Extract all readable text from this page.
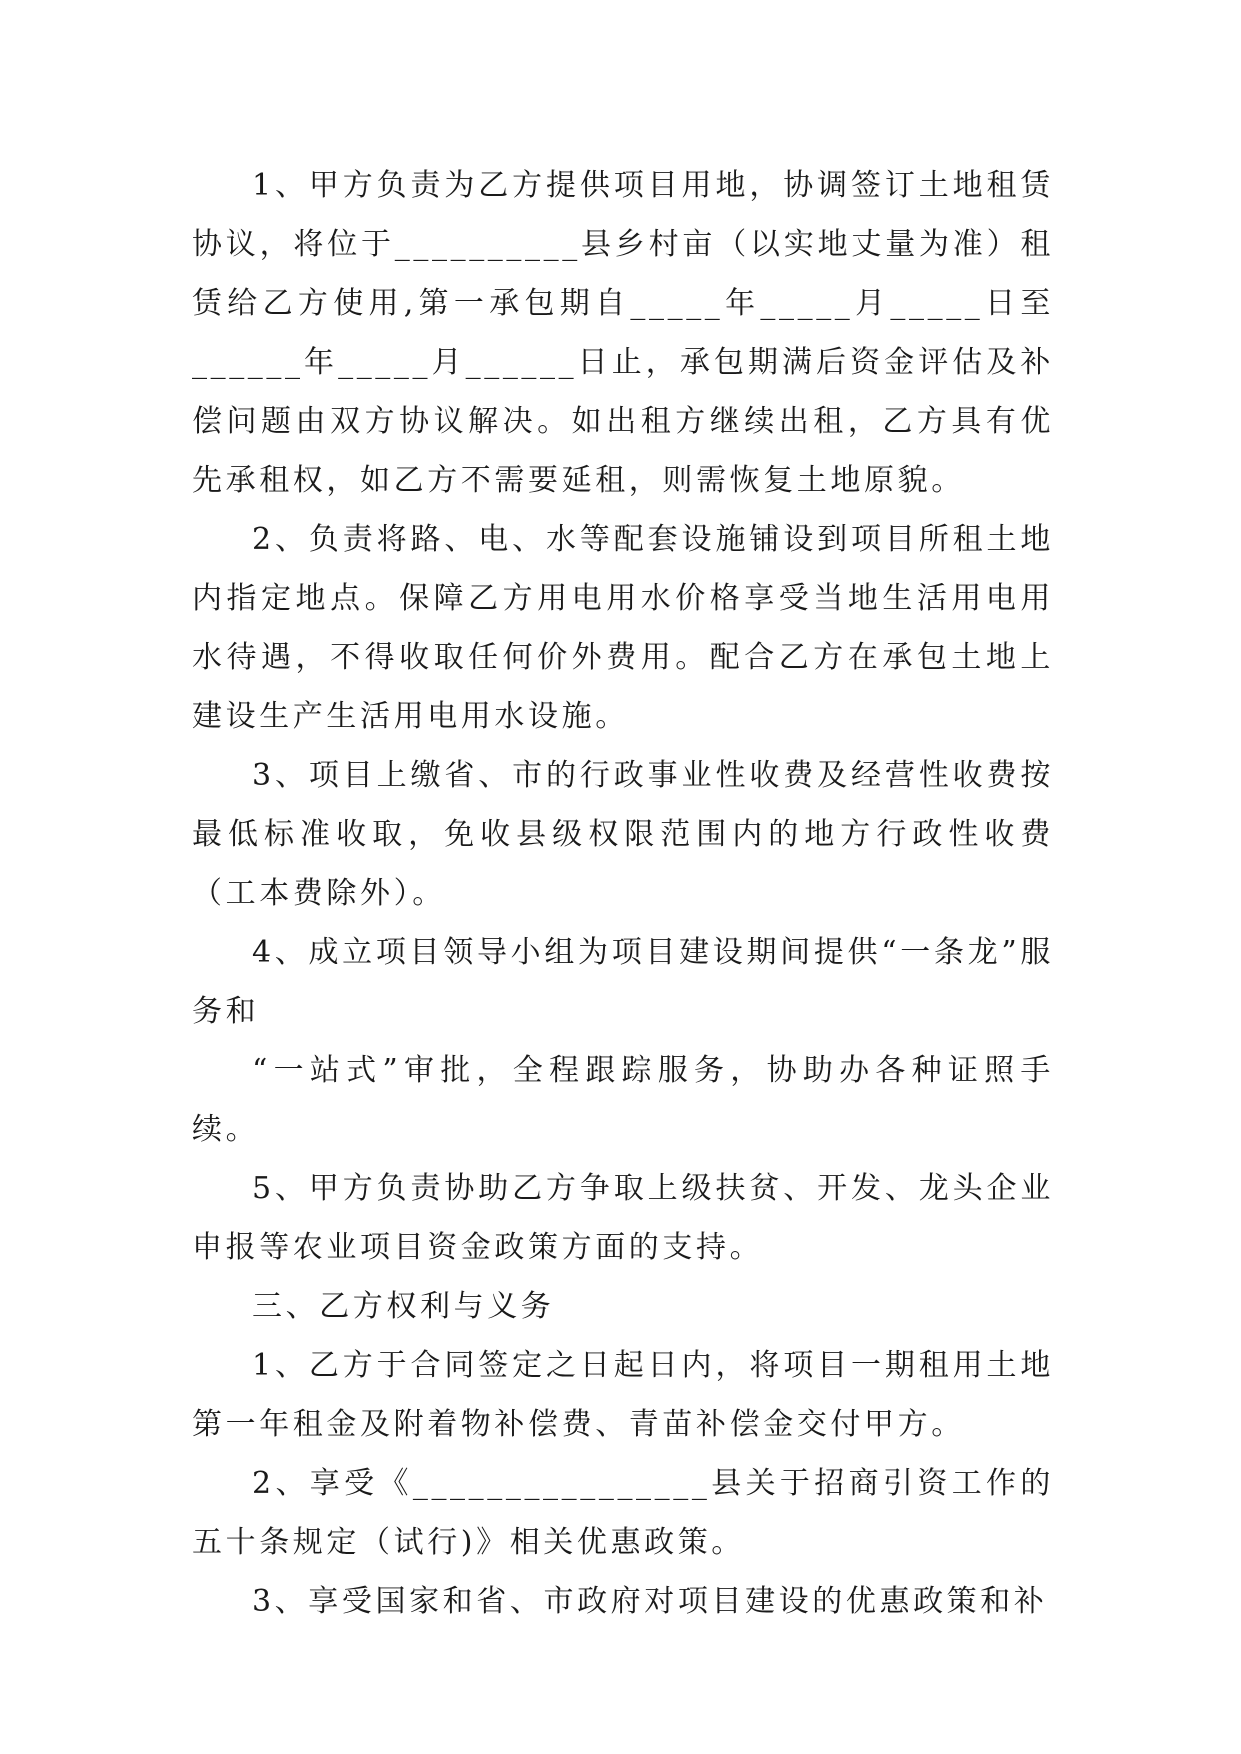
1、甲方负责为乙方提供项目用地，协调签订土地租赁协议，将位于__________县乡村亩（以实地丈量为准）租赁给乙方使用,第一承包期自_____年_____月_____日至______年_____月______日止，承包期满后资金评估及补偿问题由双方协议解决。如出租方继续出租，乙方具有优先承租权，如乙方不需要延租，则需恢复土地原貌。

2、负责将路、电、水等配套设施铺设到项目所租土地内指定地点。保障乙方用电用水价格享受当地生活用电用水待遇，不得收取任何价外费用。配合乙方在承包土地上建设生产生活用电用水设施。

3、项目上缴省、市的行政事业性收费及经营性收费按最低标准收取，免收县级权限范围内的地方行政性收费（工本费除外）。

4、成立项目领导小组为项目建设期间提供“一条龙”服务和

“一站式”审批，全程跟踪服务，协助办各种证照手续。

5、甲方负责协助乙方争取上级扶贫、开发、龙头企业申报等农业项目资金政策方面的支持。

三、乙方权利与义务

1、乙方于合同签定之日起日内，将项目一期租用土地第一年租金及附着物补偿费、青苗补偿金交付甲方。

2、享受《________________县关于招商引资工作的五十条规定（试行)》相关优惠政策。

3、享受国家和省、市政府对项目建设的优惠政策和补
